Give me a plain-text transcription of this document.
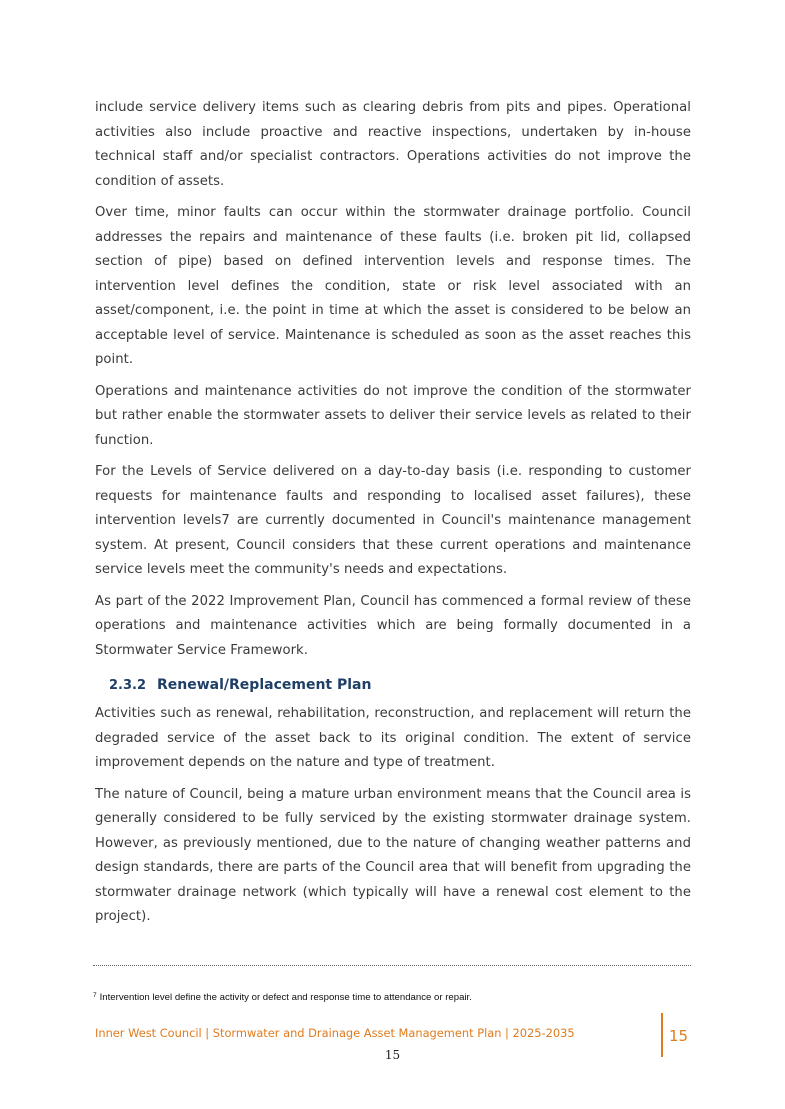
include service delivery items such as clearing debris from pits and pipes. Operational activities also include proactive and reactive inspections, undertaken by in-house technical staff and/or specialist contractors. Operations activities do not improve the condition of assets.

Over time, minor faults can occur within the stormwater drainage portfolio. Council addresses the repairs and maintenance of these faults (i.e. broken pit lid, collapsed section of pipe) based on defined intervention levels and response times. The intervention level defines the condition, state or risk level associated with an asset/component, i.e. the point in time at which the asset is considered to be below an acceptable level of service. Maintenance is scheduled as soon as the asset reaches this point.

Operations and maintenance activities do not improve the condition of the stormwater but rather enable the stormwater assets to deliver their service levels as related to their function.

For the Levels of Service delivered on a day-to-day basis (i.e. responding to customer requests for maintenance faults and responding to localised asset failures), these intervention levels7 are currently documented in Council's maintenance management system. At present, Council considers that these current operations and maintenance service levels meet the community's needs and expectations.

As part of the 2022 Improvement Plan, Council has commenced a formal review of these operations and maintenance activities which are being formally documented in a Stormwater Service Framework.

2.3.2 Renewal/Replacement Plan

Activities such as renewal, rehabilitation, reconstruction, and replacement will return the degraded service of the asset back to its original condition. The extent of service improvement depends on the nature and type of treatment.

The nature of Council, being a mature urban environment means that the Council area is generally considered to be fully serviced by the existing stormwater drainage system. However, as previously mentioned, due to the nature of changing weather patterns and design standards, there are parts of the Council area that will benefit from upgrading the stormwater drainage network (which typically will have a renewal cost element to the project).

$^7$ Intervention level define the activity or defect and response time to attendance or repair.
Inner West Council | Stormwater and Drainage Asset Management Plan | 2025-2035	15
15
